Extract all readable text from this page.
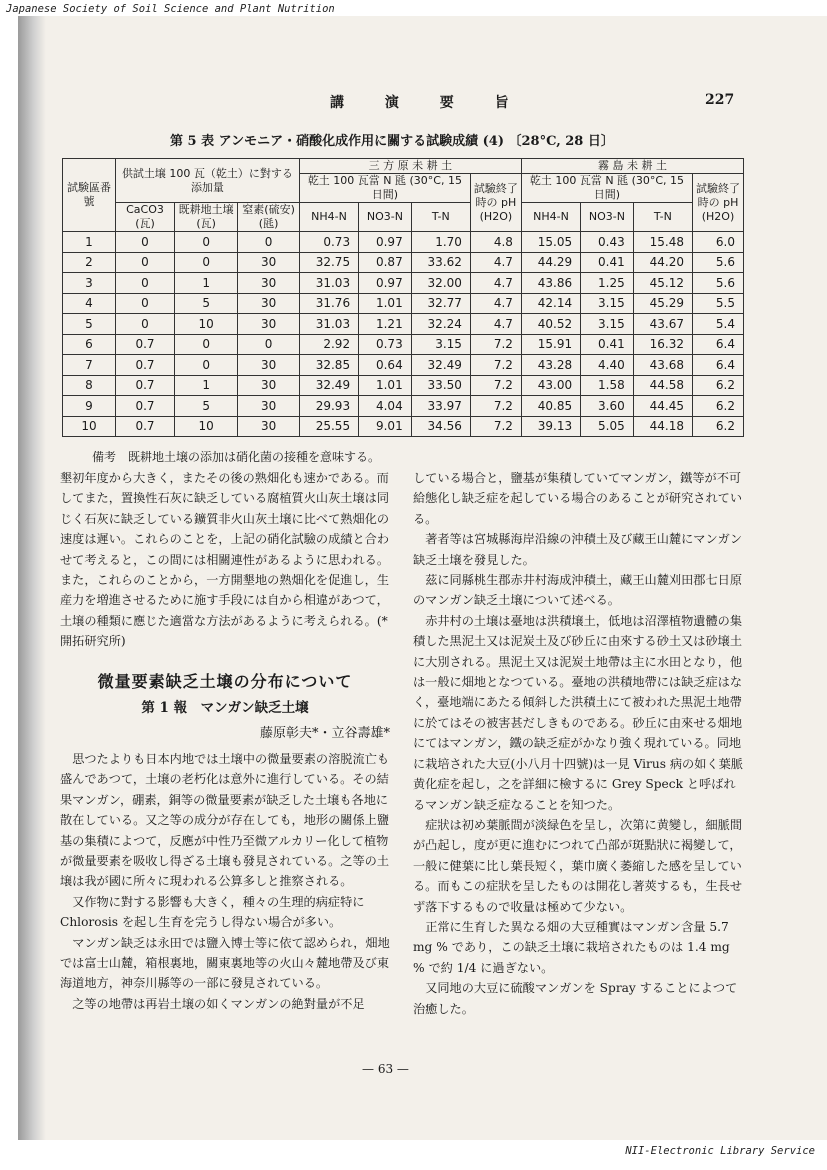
Japanese Society of Soil Science and Plant Nutrition
講 演 要 旨	227
第 5 表 アンモニア・硝酸化成作用に關する試験成績 (4) 〔28°C, 28 日〕
試験區番號	供試土壌 100 瓦（乾土）に對する添加量			三 方 原 未 耕 土				霧 島 未 耕 土			
				乾土 100 瓦當 N 瓱 (30°C, 15 日間)			試驗終了時の pH (H2O)	乾土 100 瓦當 N 瓱 (30°C, 15 日間)			試驗終了時の pH (H2O)
	CaCO3 (瓦)	既耕地土壌(瓦)	窒素(硫安)(瓱)	NH4-N	NO3-N	T-N		NH4-N	NO3-N	T-N	
1	0	0	0	0.73	0.97	1.70	4.8	15.05	0.43	15.48	6.0
2	0	0	30	32.75	0.87	33.62	4.7	44.29	0.41	44.20	5.6
3	0	1	30	31.03	0.97	32.00	4.7	43.86	1.25	45.12	5.6
4	0	5	30	31.76	1.01	32.77	4.7	42.14	3.15	45.29	5.5
5	0	10	30	31.03	1.21	32.24	4.7	40.52	3.15	43.67	5.4
6	0.7	0	0	2.92	0.73	3.15	7.2	15.91	0.41	16.32	6.4
7	0.7	0	30	32.85	0.64	32.49	7.2	43.28	4.40	43.68	6.4
8	0.7	1	30	32.49	1.01	33.50	7.2	43.00	1.58	44.58	6.2
9	0.7	5	30	29.93	4.04	33.97	7.2	40.85	3.60	44.45	6.2
10	0.7	10	30	25.55	9.01	34.56	7.2	39.13	5.05	44.18	6.2
備考　既耕地土壌の添加は硝化菌の接種を意味する。

墾初年度から大きく，またその後の熟畑化も速かである。而してまた，置換性石灰に缺乏している腐植質火山灰土壌は同じく石灰に缺乏している鑛質非火山灰土壌に比べて熟畑化の速度は遲い。これらのことを，上記の硝化試驗の成績と合わせて考えると，この間には相關連性があるように思われる。また，これらのことから，一方開墾地の熟畑化を促進し，生産力を増進させるために施す手段には自から相違があつて，土壌の種類に應じた適當な方法があるように考えられる。(* 開拓研究所)

微量要素缺乏土壌の分布について

第 1 報　マンガン缺乏土壌

藤原彰夫*・立谷壽雄*

思つたよりも日本内地では土壌中の微量要素の溶脱流亡も盛んであつて，土壌の老朽化は意外に進行している。その結果マンガン，硼素，銅等の微量要素が缺乏した土壌も各地に散在している。又之等の成分が存在しても，地形の關係上鹽基の集積によつて，反應が中性乃至微アルカリー化して植物が微量要素を吸收し得ざる土壌も發見されている。之等の土壌は我が國に所々に現われる公算多しと推察される。

又作物に對する影響も大きく，種々の生理的病症特に Chlorosis を起し生育を完うし得ない場合が多い。

マンガン缺乏は永田では鹽入博士等に依て認められ，畑地では富士山麓，箱根裏地，關東裏地等の火山々麓地帶及び東海道地方，神奈川縣等の一部に發見されている。

之等の地帶は再岩土壌の如くマンガンの絶對量が不足

している場合と，鹽基が集積していてマンガン，鐵等が不可給態化し缺乏症を起している場合のあることが研究されている。

著者等は宮城縣海岸沿線の沖積土及び藏王山麓にマンガン缺乏土壌を發見した。

茲に同縣桃生郡赤井村海成沖積土，藏王山麓刈田郡七日原のマンガン缺乏土壌について述べる。

赤井村の土壌は臺地は洪積壌土，低地は沼澤植物遺體の集積した黒泥土又は泥炭土及び砂丘に由來する砂土又は砂壌土に大別される。黒泥土又は泥炭土地帶は主に水田となり，他は一般に畑地となつている。臺地の洪積地帶には缺乏症はなく，臺地端にあたる傾斜した洪積土にて被われた黒泥土地帶に於てはその被害甚だしきものである。砂丘に由來せる畑地にてはマンガン，鐵の缺乏症がかなり強く現れている。同地に栽培された大豆(小八月十四號)は一見 Virus 病の如く葉脈黄化症を起し，之を詳細に檢するに Grey Speck と呼ばれるマンガン缺乏症なることを知つた。

症狀は初め葉脈間が淡緑色を呈し，次第に黄變し，細脈間が凸起し，度が更に進むにつれて凸部が斑點狀に褐變して，一般に健葉に比し葉長短く，葉巾廣く萎縮した感を呈している。而もこの症狀を呈したものは開花し著莢するも，生長せず落下するもので收量は極めて少ない。

正常に生育した異なる畑の大豆種實はマンガン含量 5.7 mg % であり，この缺乏土壌に栽培されたものは 1.4 mg % で約 1/4 に過ぎない。

又同地の大豆に硫酸マンガンを Spray することによつて治癒した。

— 63 —
NII-Electronic Library Service
